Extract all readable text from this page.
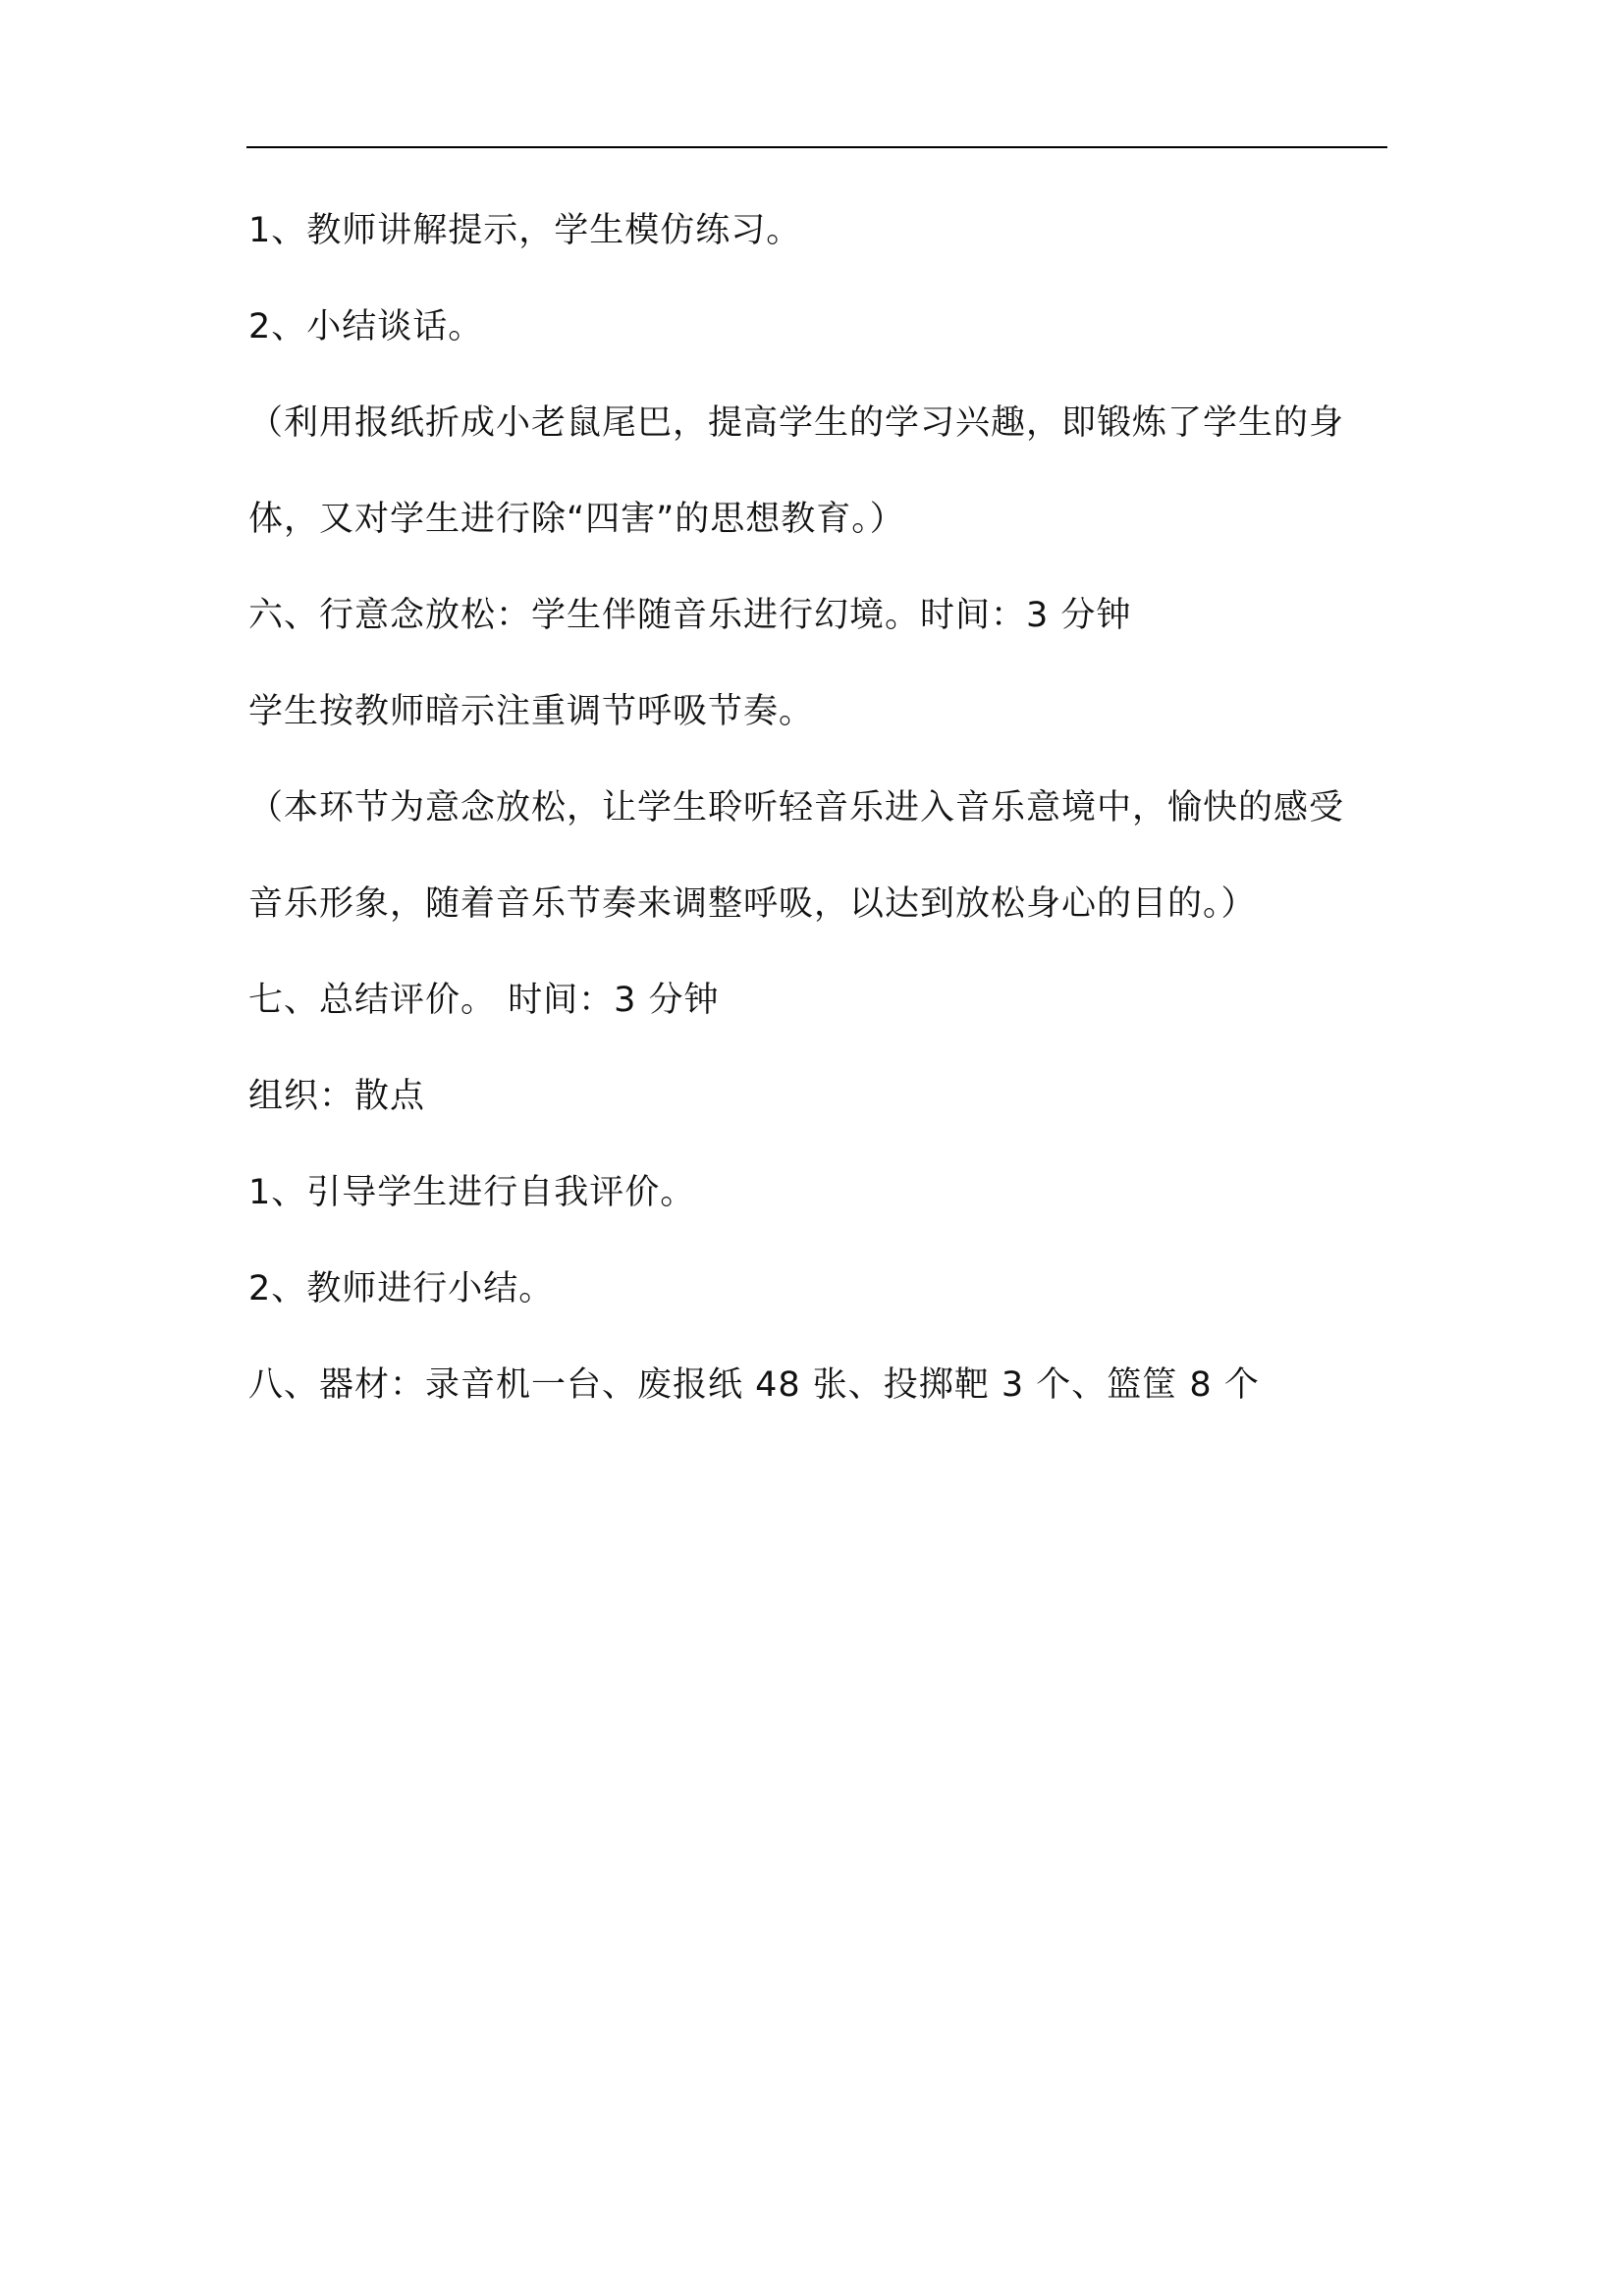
1、教师讲解提示，学生模仿练习。

2、小结谈话。

（利用报纸折成小老鼠尾巴，提高学生的学习兴趣，即锻炼了学生的身

体，又对学生进行除“四害”的思想教育。）

六、行意念放松：学生伴随音乐进行幻境。时间：3 分钟

学生按教师暗示注重调节呼吸节奏。

（本环节为意念放松，让学生聆听轻音乐进入音乐意境中，愉快的感受

音乐形象，随着音乐节奏来调整呼吸，以达到放松身心的目的。）

七、总结评价。 时间：3 分钟

组织：散点

1、引导学生进行自我评价。

2、教师进行小结。

八、器材：录音机一台、废报纸 48 张、投掷靶 3 个、篮筐 8 个
